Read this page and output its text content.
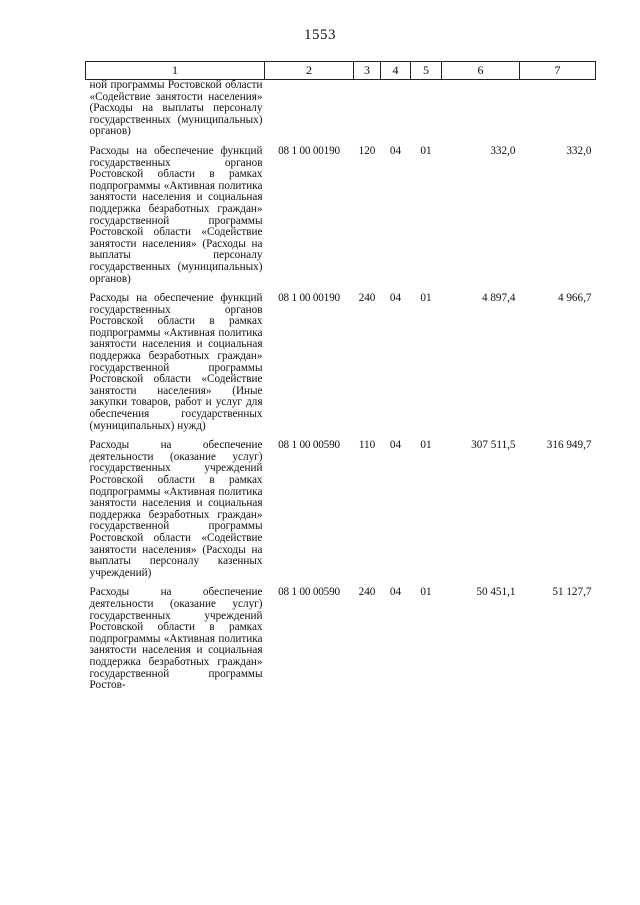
1553
1	2	3	4	5	6	7
ной программы Ростовской области «Содействие занятости населения» (Расходы на выплаты персоналу государственных (муниципальных) органов)						

Расходы на обеспечение функций государственных органов Ростовской области в рамках подпрограммы «Активная политика занятости населения и социальная поддержка безработных граждан» государственной программы Ростовской области «Содействие занятости населения» (Расходы на выплаты персоналу государственных (муниципальных) органов)	08 1 00 00190	120	04	01	332,0	332,0

Расходы на обеспечение функций государственных органов Ростовской области в рамках подпрограммы «Активная политика занятости населения и социальная поддержка безработных граждан» государственной программы Ростовской области «Содействие занятости населения» (Иные закупки товаров, работ и услуг для обеспечения государственных (муниципальных) нужд)	08 1 00 00190	240	04	01	4 897,4	4 966,7

Расходы на обеспечение деятельности (оказание услуг) государственных учреждений Ростовской области в рамках подпрограммы «Активная политика занятости населения и социальная поддержка безработных граждан» государственной программы Ростовской области «Содействие занятости населения» (Расходы на выплаты персоналу казенных учреждений)	08 1 00 00590	110	04	01	307 511,5	316 949,7

Расходы на обеспечение деятельности (оказание услуг) государственных учреждений Ростовской области в рамках подпрограммы «Активная политика занятости населения и социальная поддержка безработных граждан» государственной программы Ростов-	08 1 00 00590	240	04	01	50 451,1	51 127,7
